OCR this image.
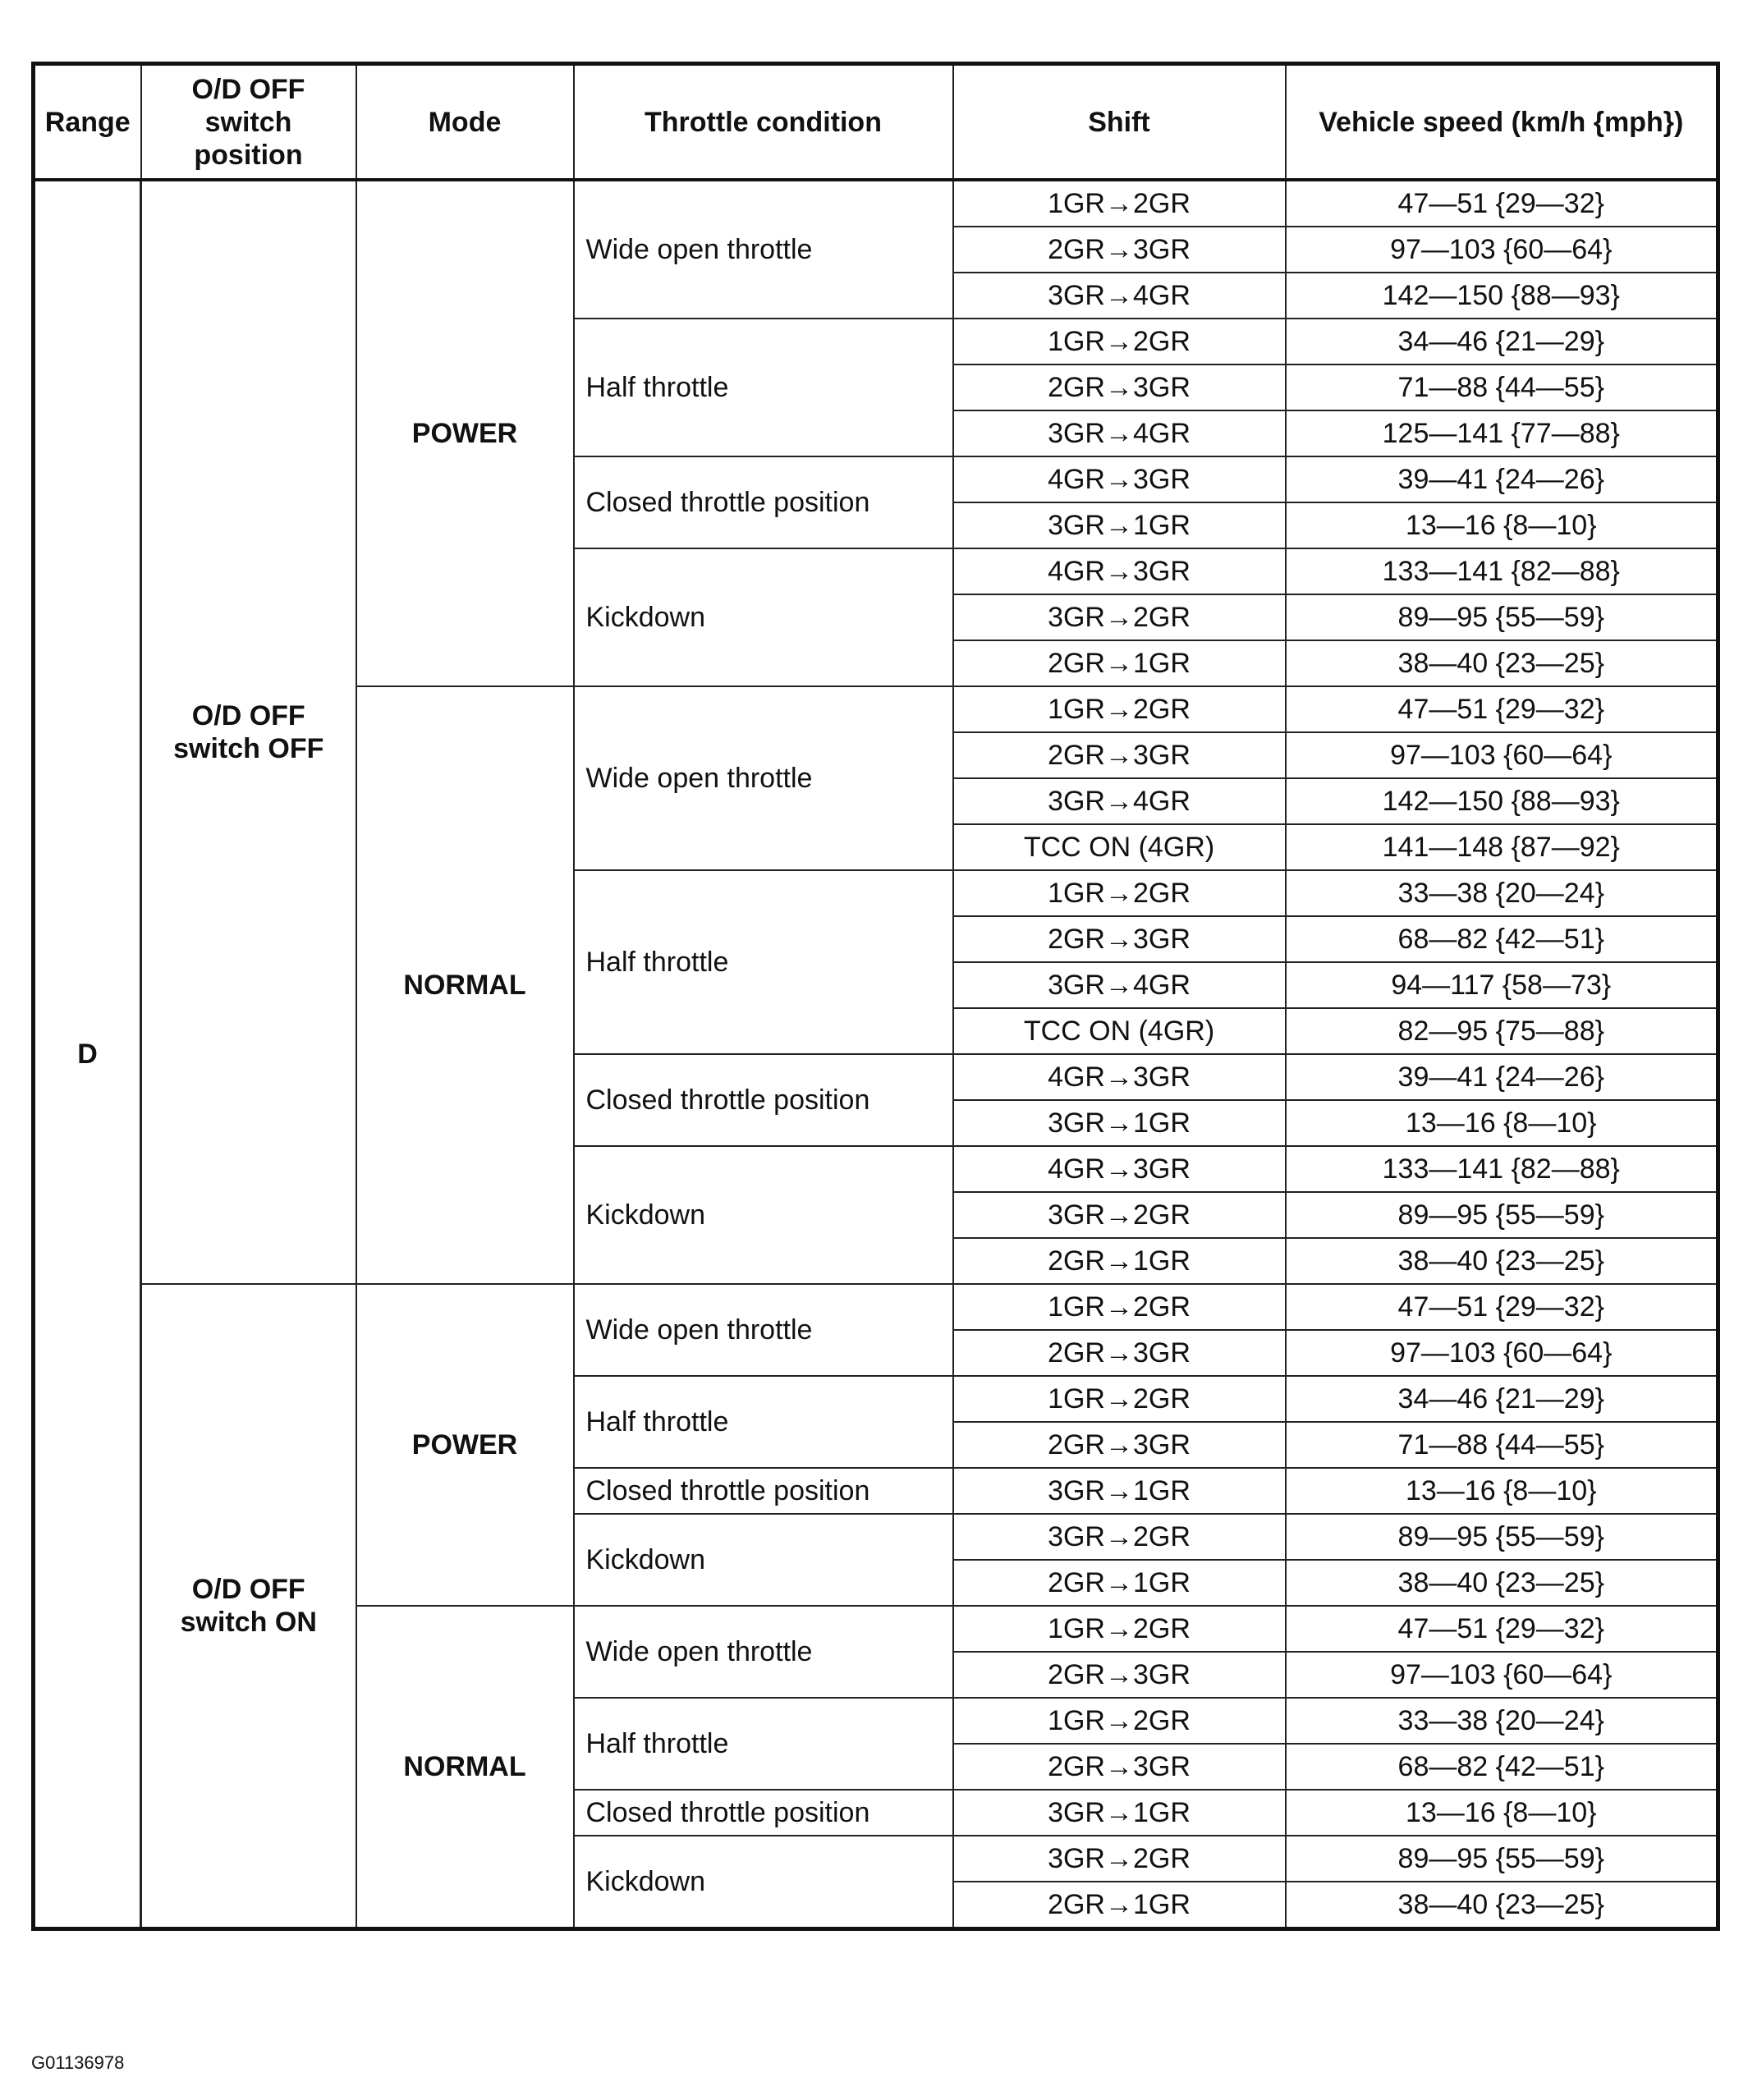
Range	O/D OFF
switch
position	Mode	Throttle condition	Shift	Vehicle speed (km/h {mph})
D	O/D OFF
switch OFF	POWER	Wide open throttle	1GR→2GR	47—51 {29—32}
				2GR→3GR	97—103 {60—64}
				3GR→4GR	142—150 {88—93}
			Half throttle	1GR→2GR	34—46 {21—29}
				2GR→3GR	71—88 {44—55}
				3GR→4GR	125—141 {77—88}
			Closed throttle position	4GR→3GR	39—41 {24—26}
				3GR→1GR	13—16 {8—10}
			Kickdown	4GR→3GR	133—141 {82—88}
				3GR→2GR	89—95 {55—59}
				2GR→1GR	38—40 {23—25}
		NORMAL	Wide open throttle	1GR→2GR	47—51 {29—32}
				2GR→3GR	97—103 {60—64}
				3GR→4GR	142—150 {88—93}
				TCC ON (4GR)	141—148 {87—92}
			Half throttle	1GR→2GR	33—38 {20—24}
				2GR→3GR	68—82 {42—51}
				3GR→4GR	94—117 {58—73}
				TCC ON (4GR)	82—95 {75—88}
			Closed throttle position	4GR→3GR	39—41 {24—26}
				3GR→1GR	13—16 {8—10}
			Kickdown	4GR→3GR	133—141 {82—88}
				3GR→2GR	89—95 {55—59}
				2GR→1GR	38—40 {23—25}
	O/D OFF
switch ON	POWER	Wide open throttle	1GR→2GR	47—51 {29—32}
				2GR→3GR	97—103 {60—64}
			Half throttle	1GR→2GR	34—46 {21—29}
				2GR→3GR	71—88 {44—55}
			Closed throttle position	3GR→1GR	13—16 {8—10}
			Kickdown	3GR→2GR	89—95 {55—59}
				2GR→1GR	38—40 {23—25}
		NORMAL	Wide open throttle	1GR→2GR	47—51 {29—32}
				2GR→3GR	97—103 {60—64}
			Half throttle	1GR→2GR	33—38 {20—24}
				2GR→3GR	68—82 {42—51}
			Closed throttle position	3GR→1GR	13—16 {8—10}
			Kickdown	3GR→2GR	89—95 {55—59}
				2GR→1GR	38—40 {23—25}
G01136978
